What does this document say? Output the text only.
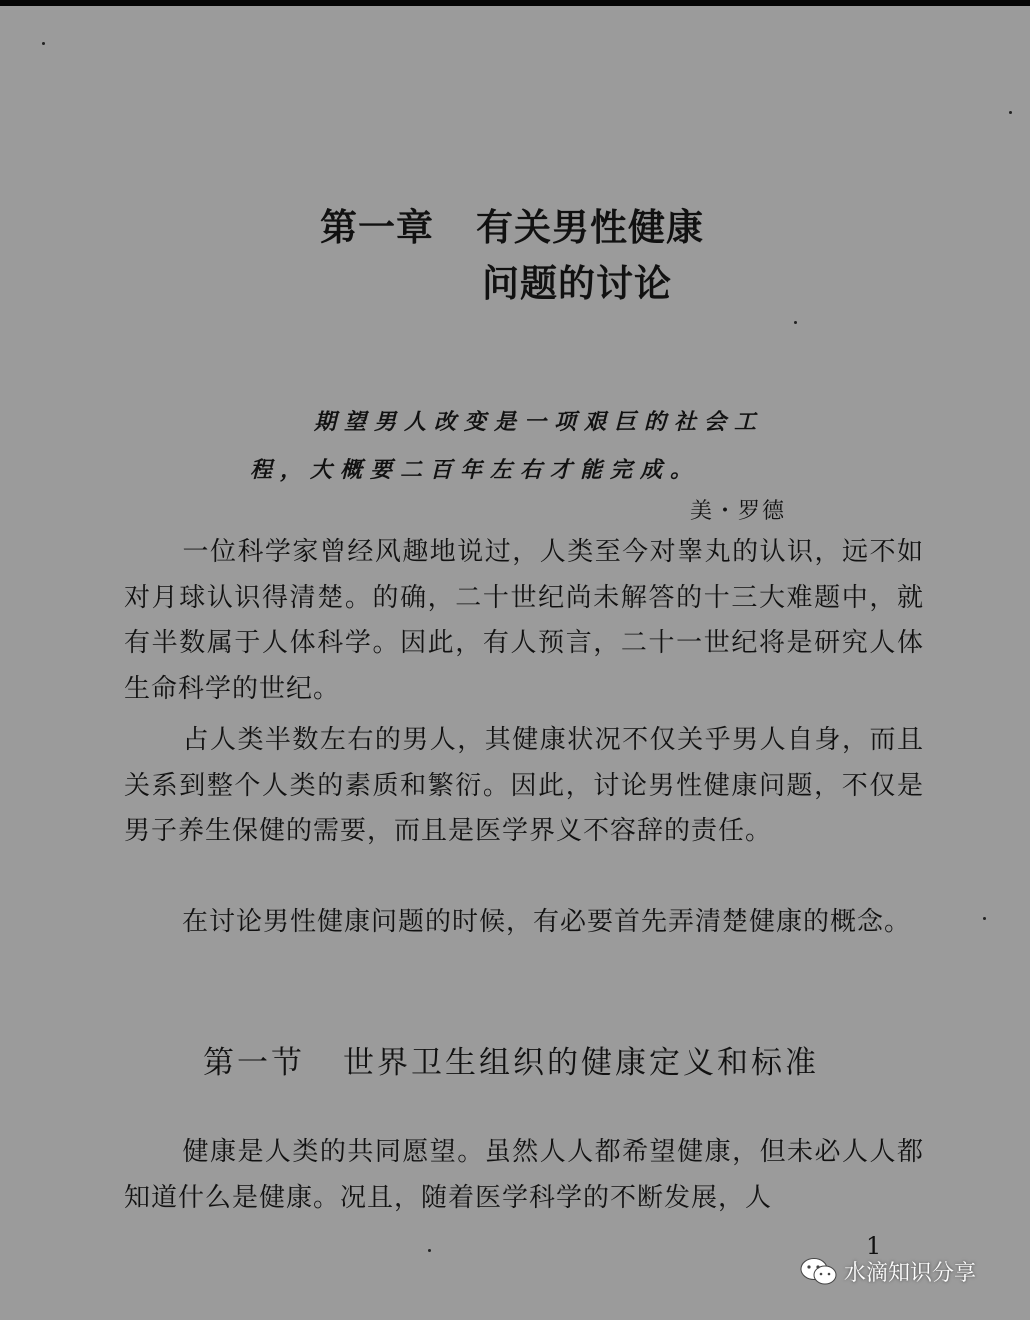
第一章 有关男性健康
问题的讨论
期望男人改变是一项艰巨的社会工
程，大概要二百年左右才能完成。
美・罗德
一位科学家曾经风趣地说过，人类至今对睾丸的认识，远不如对月球认识得清楚。的确，二十世纪尚未解答的十三大难题中，就有半数属于人体科学。因此，有人预言，二十一世纪将是研究人体生命科学的世纪。
占人类半数左右的男人，其健康状况不仅关乎男人自身，而且关系到整个人类的素质和繁衍。因此，讨论男性健康问题，不仅是男子养生保健的需要，而且是医学界义不容辞的责任。
在讨论男性健康问题的时候，有必要首先弄清楚健康的概念。
第一节 世界卫生组织的健康定义和标准
健康是人类的共同愿望。虽然人人都希望健康，但未必人人都知道什么是健康。况且，随着医学科学的不断发展，人
1
水滴知识分享
